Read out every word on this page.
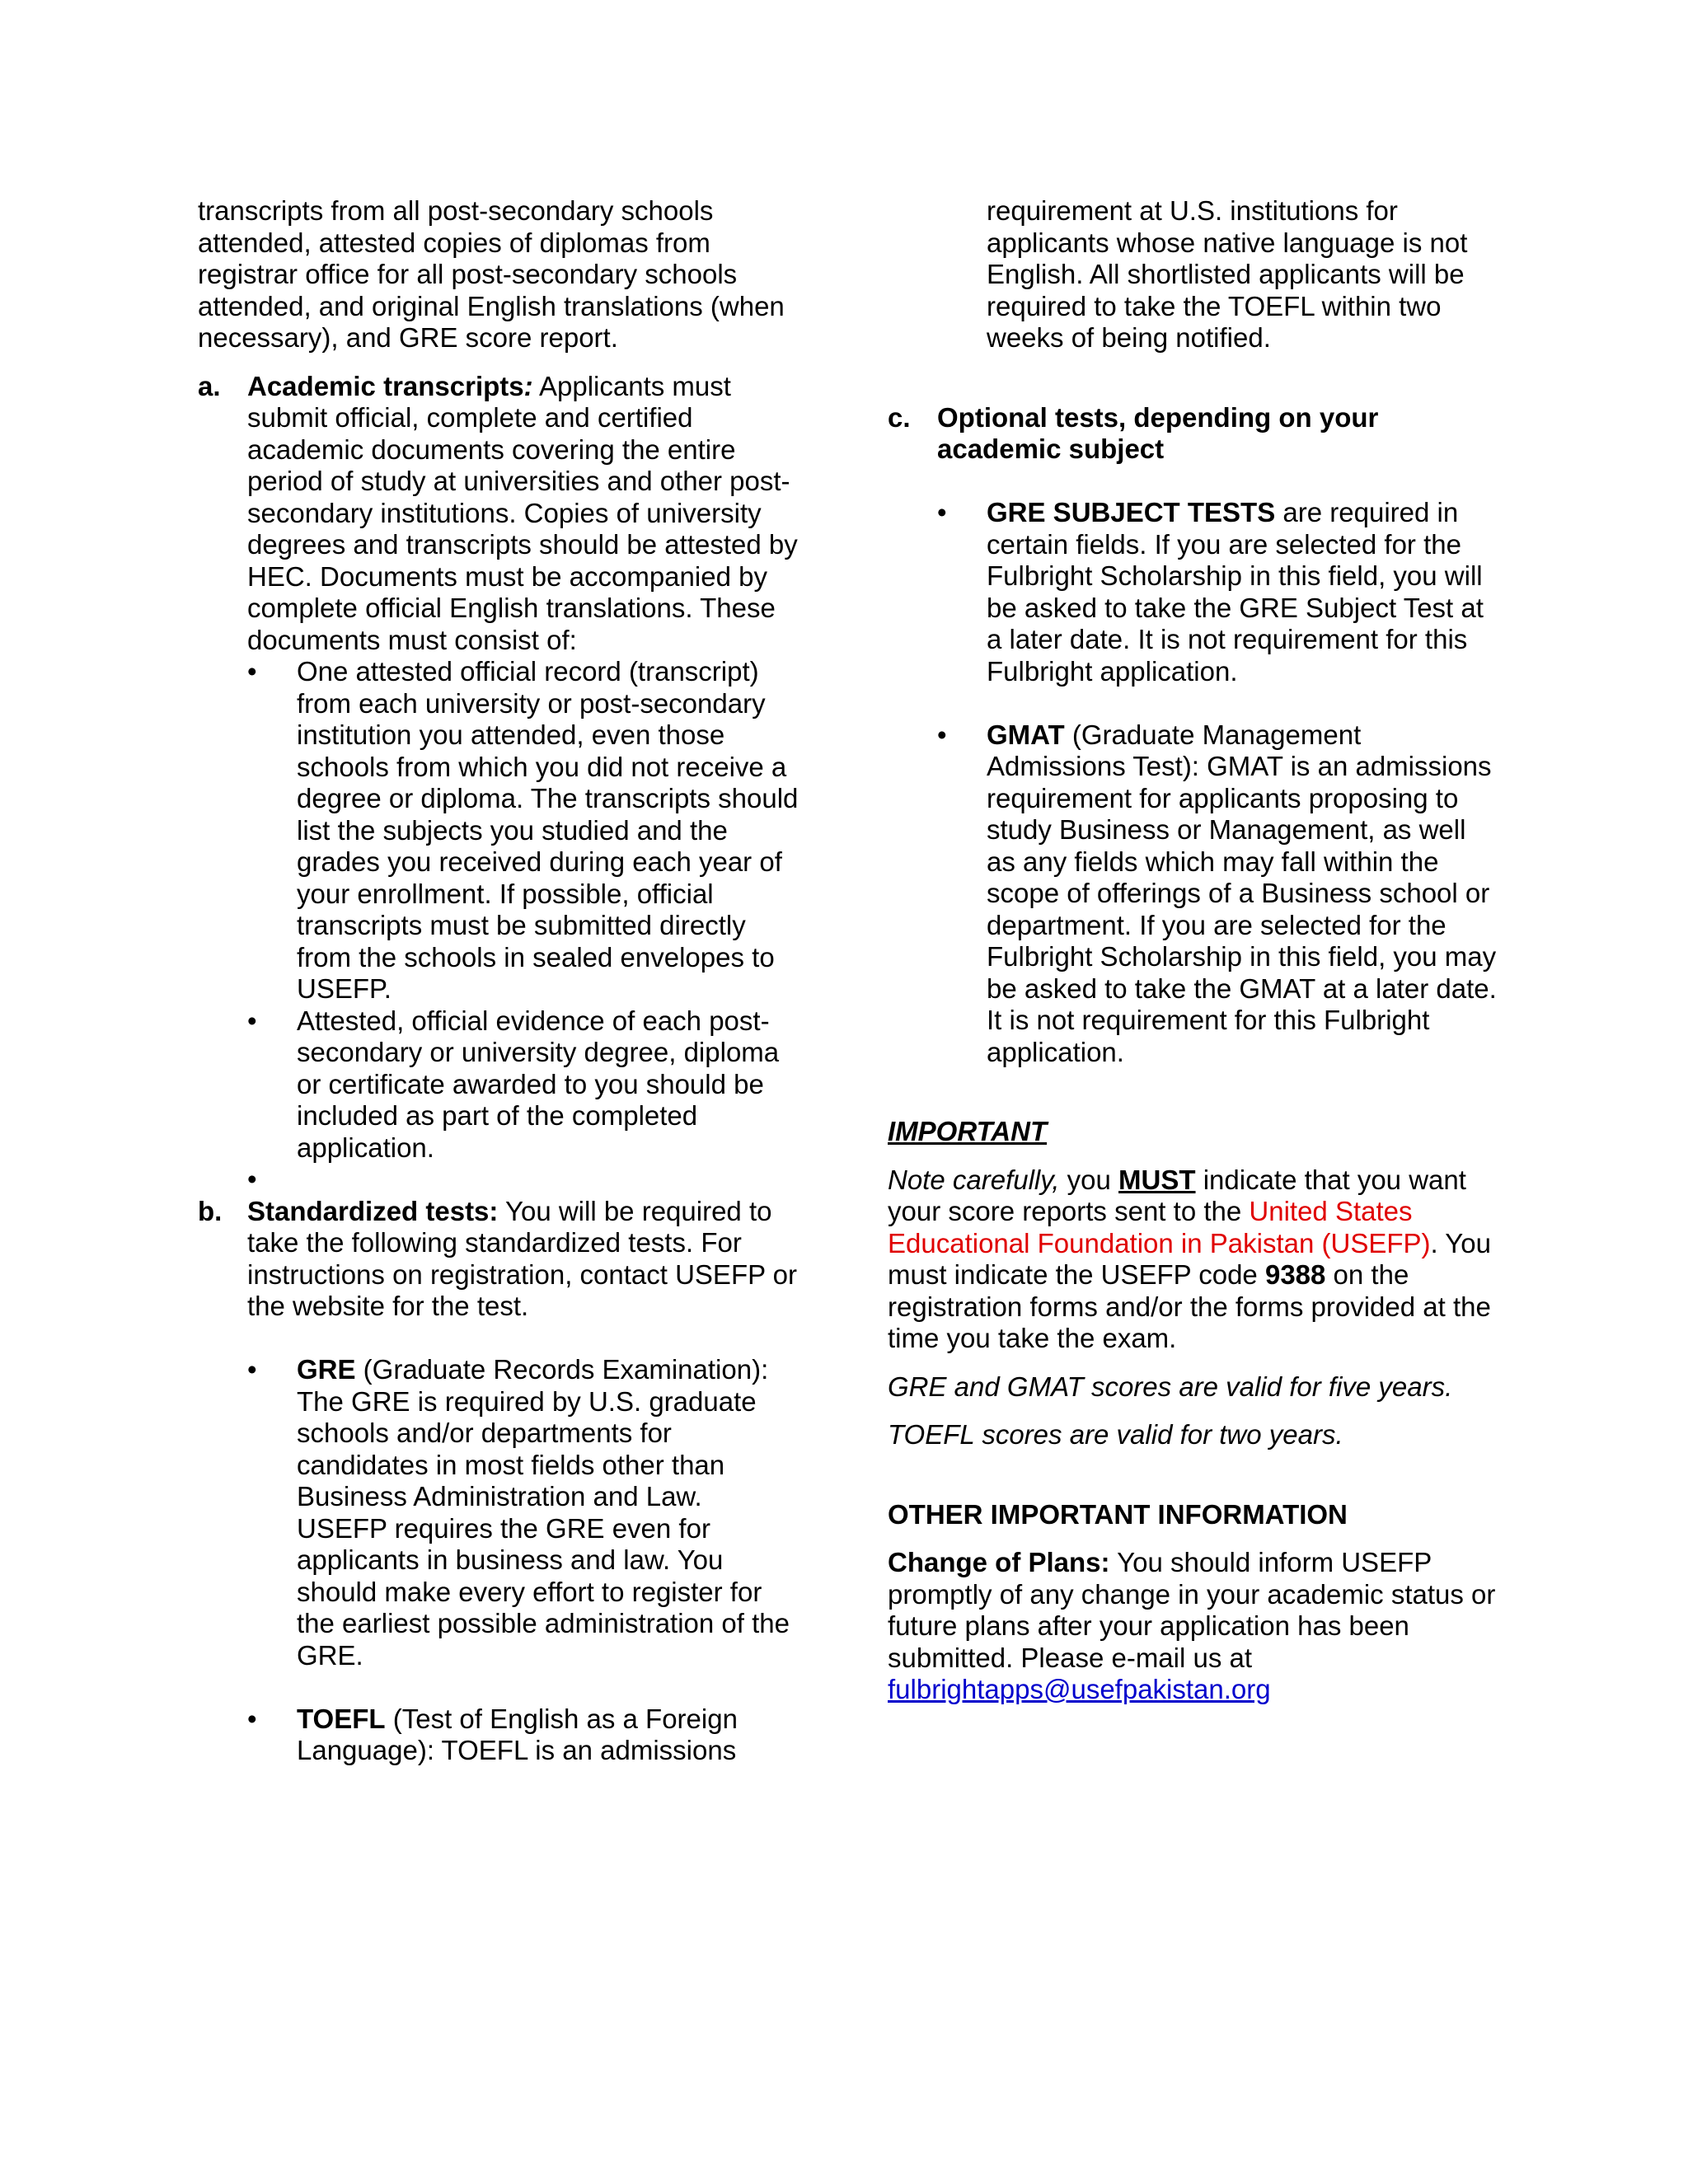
transcripts from all post-secondary schools attended, attested copies of diplomas from registrar office for all post-secondary schools attended, and original English translations (when necessary), and GRE score report.

a. Academic transcripts: Applicants must submit official, complete and certified academic documents covering the entire period of study at universities and other post-secondary institutions. Copies of university degrees and transcripts should be attested by HEC. Documents must be accompanied by complete official English translations. These documents must consist of:

• One attested official record (transcript) from each university or post-secondary institution you attended, even those schools from which you did not receive a degree or diploma. The transcripts should list the subjects you studied and the grades you received during each year of your enrollment. If possible, official transcripts must be submitted directly from the schools in sealed envelopes to USEFP.

• Attested, official evidence of each post-secondary or university degree, diploma or certificate awarded to you should be included as part of the completed application.

•

b. Standardized tests: You will be required to take the following standardized tests. For instructions on registration, contact USEFP or the website for the test.

• GRE (Graduate Records Examination): The GRE is required by U.S. graduate schools and/or departments for candidates in most fields other than Business Administration and Law. USEFP requires the GRE even for applicants in business and law. You should make every effort to register for the earliest possible administration of the GRE.

• TOEFL (Test of English as a Foreign Language): TOEFL is an admissions

requirement at U.S. institutions for applicants whose native language is not English. All shortlisted applicants will be required to take the TOEFL within two weeks of being notified.

c. Optional tests, depending on your academic subject

• GRE SUBJECT TESTS are required in certain fields. If you are selected for the Fulbright Scholarship in this field, you will be asked to take the GRE Subject Test at a later date. It is not requirement for this Fulbright application.

• GMAT (Graduate Management Admissions Test): GMAT is an admissions requirement for applicants proposing to study Business or Management, as well as any fields which may fall within the scope of offerings of a Business school or department. If you are selected for the Fulbright Scholarship in this field, you may be asked to take the GMAT at a later date. It is not requirement for this Fulbright application.

IMPORTANT

Note carefully, you MUST indicate that you want your score reports sent to the United States Educational Foundation in Pakistan (USEFP). You must indicate the USEFP code 9388 on the registration forms and/or the forms provided at the time you take the exam.

GRE and GMAT scores are valid for five years.

TOEFL scores are valid for two years.

OTHER IMPORTANT INFORMATION

Change of Plans: You should inform USEFP promptly of any change in your academic status or future plans after your application has been submitted. Please e-mail us at
fulbrightapps@usefpakistan.org
